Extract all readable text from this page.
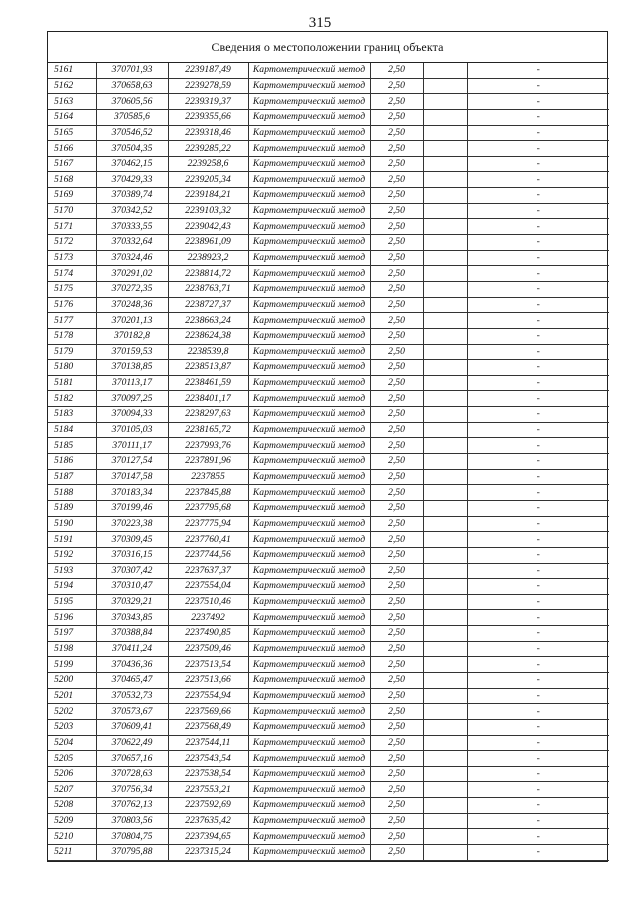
315
Сведения о местоположении границ объекта
5161	370701,93	2239187,49	Картометрический метод	2,50		-
5162	370658,63	2239278,59	Картометрический метод	2,50		-
5163	370605,56	2239319,37	Картометрический метод	2,50		-
5164	370585,6	2239355,66	Картометрический метод	2,50		-
5165	370546,52	2239318,46	Картометрический метод	2,50		-
5166	370504,35	2239285,22	Картометрический метод	2,50		-
5167	370462,15	2239258,6	Картометрический метод	2,50		-
5168	370429,33	2239205,34	Картометрический метод	2,50		-
5169	370389,74	2239184,21	Картометрический метод	2,50		-
5170	370342,52	2239103,32	Картометрический метод	2,50		-
5171	370333,55	2239042,43	Картометрический метод	2,50		-
5172	370332,64	2238961,09	Картометрический метод	2,50		-
5173	370324,46	2238923,2	Картометрический метод	2,50		-
5174	370291,02	2238814,72	Картометрический метод	2,50		-
5175	370272,35	2238763,71	Картометрический метод	2,50		-
5176	370248,36	2238727,37	Картометрический метод	2,50		-
5177	370201,13	2238663,24	Картометрический метод	2,50		-
5178	370182,8	2238624,38	Картометрический метод	2,50		-
5179	370159,53	2238539,8	Картометрический метод	2,50		-
5180	370138,85	2238513,87	Картометрический метод	2,50		-
5181	370113,17	2238461,59	Картометрический метод	2,50		-
5182	370097,25	2238401,17	Картометрический метод	2,50		-
5183	370094,33	2238297,63	Картометрический метод	2,50		-
5184	370105,03	2238165,72	Картометрический метод	2,50		-
5185	370111,17	2237993,76	Картометрический метод	2,50		-
5186	370127,54	2237891,96	Картометрический метод	2,50		-
5187	370147,58	2237855	Картометрический метод	2,50		-
5188	370183,34	2237845,88	Картометрический метод	2,50		-
5189	370199,46	2237795,68	Картометрический метод	2,50		-
5190	370223,38	2237775,94	Картометрический метод	2,50		-
5191	370309,45	2237760,41	Картометрический метод	2,50		-
5192	370316,15	2237744,56	Картометрический метод	2,50		-
5193	370307,42	2237637,37	Картометрический метод	2,50		-
5194	370310,47	2237554,04	Картометрический метод	2,50		-
5195	370329,21	2237510,46	Картометрический метод	2,50		-
5196	370343,85	2237492	Картометрический метод	2,50		-
5197	370388,84	2237490,85	Картометрический метод	2,50		-
5198	370411,24	2237509,46	Картометрический метод	2,50		-
5199	370436,36	2237513,54	Картометрический метод	2,50		-
5200	370465,47	2237513,66	Картометрический метод	2,50		-
5201	370532,73	2237554,94	Картометрический метод	2,50		-
5202	370573,67	2237569,66	Картометрический метод	2,50		-
5203	370609,41	2237568,49	Картометрический метод	2,50		-
5204	370622,49	2237544,11	Картометрический метод	2,50		-
5205	370657,16	2237543,54	Картометрический метод	2,50		-
5206	370728,63	2237538,54	Картометрический метод	2,50		-
5207	370756,34	2237553,21	Картометрический метод	2,50		-
5208	370762,13	2237592,69	Картометрический метод	2,50		-
5209	370803,56	2237635,42	Картометрический метод	2,50		-
5210	370804,75	2237394,65	Картометрический метод	2,50		-
5211	370795,88	2237315,24	Картометрический метод	2,50		-
